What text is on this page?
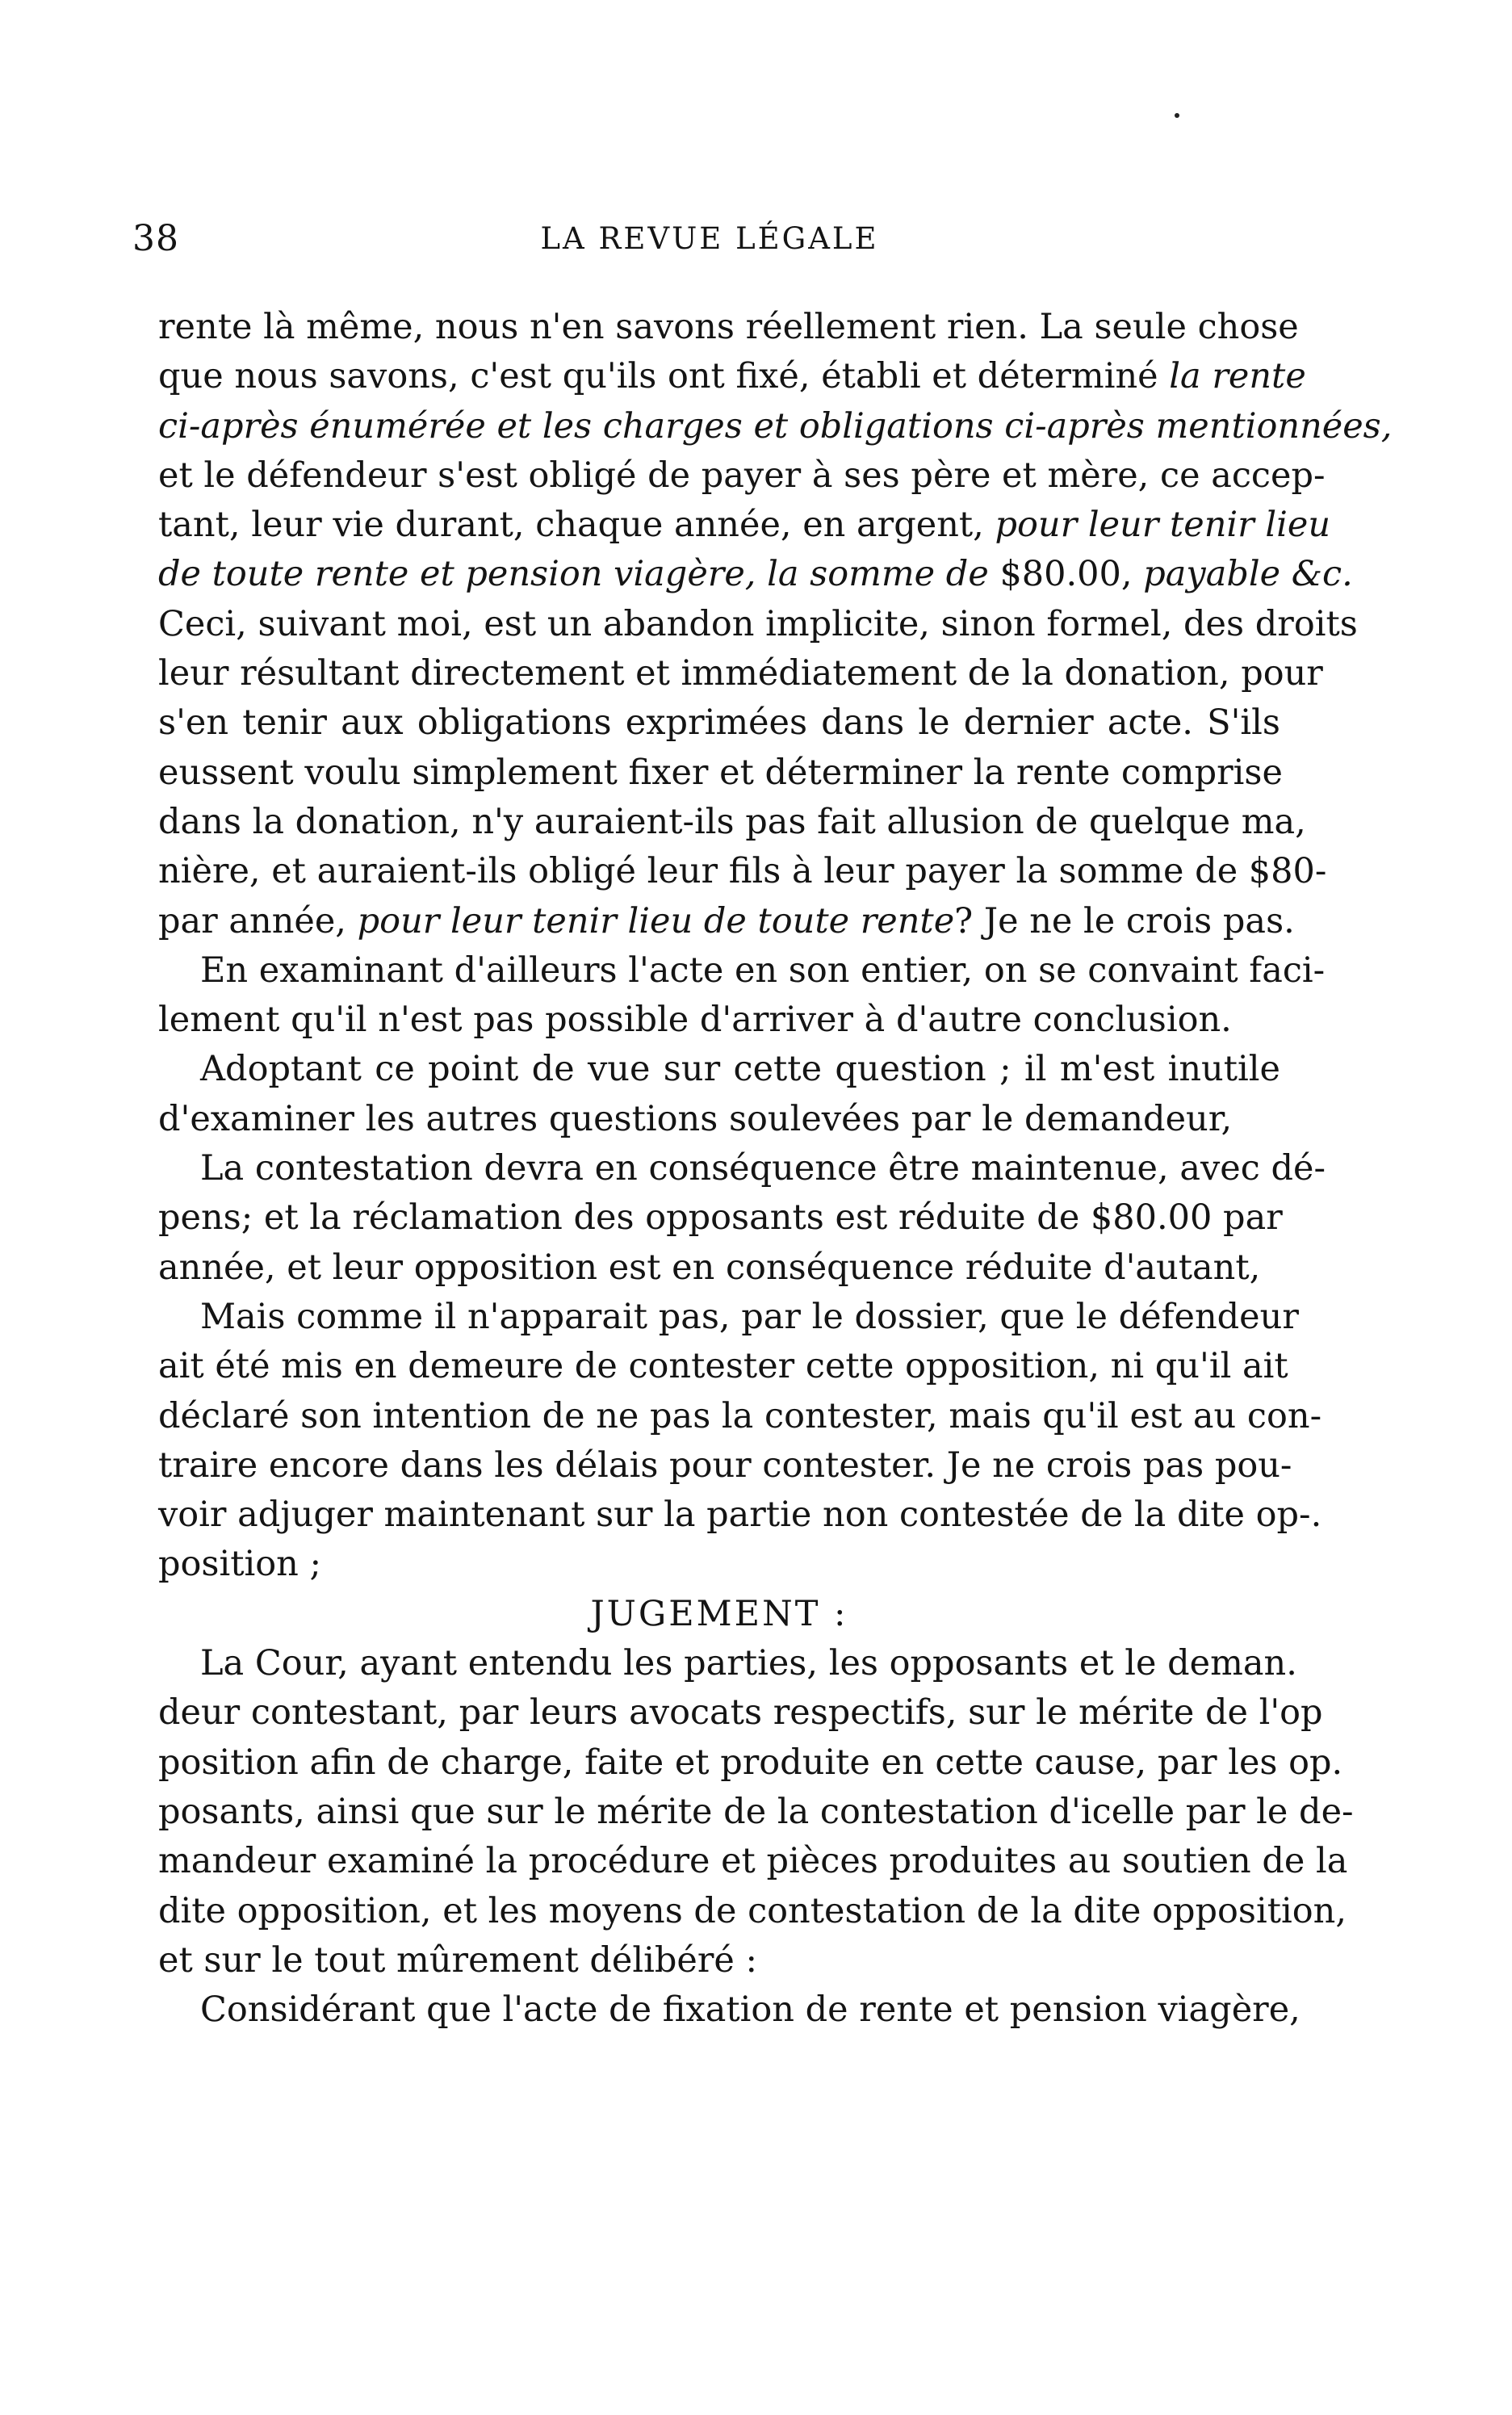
38	LA REVUE LÉGALE
rente là même, nous n'en savons réellement rien. La seule chose
que nous savons, c'est qu'ils ont fixé, établi et déterminé la rente
ci-après énumérée et les charges et obligations ci-après mentionnées,
et le défendeur s'est obligé de payer à ses père et mère, ce accep-
tant, leur vie durant, chaque année, en argent, pour leur tenir lieu
de toute rente et pension viagère, la somme de $80.00, payable &c.
Ceci, suivant moi, est un abandon implicite, sinon formel, des droits
leur résultant directement et immédiatement de la donation, pour
s'en tenir aux obligations exprimées dans le dernier acte. S'ils
eussent voulu simplement fixer et déterminer la rente comprise
dans la donation, n'y auraient-ils pas fait allusion de quelque ma,
nière, et auraient-ils obligé leur fils à leur payer la somme de $80-
par année, pour leur tenir lieu de toute rente? Je ne le crois pas.
En examinant d'ailleurs l'acte en son entier, on se convaint faci-
lement qu'il n'est pas possible d'arriver à d'autre conclusion.
Adoptant ce point de vue sur cette question ; il m'est inutile
d'examiner les autres questions soulevées par le demandeur,
La contestation devra en conséquence être maintenue, avec dé-
pens; et la réclamation des opposants est réduite de $80.00 par
année, et leur opposition est en conséquence réduite d'autant,
Mais comme il n'apparait pas, par le dossier, que le défendeur
ait été mis en demeure de contester cette opposition, ni qu'il ait
déclaré son intention de ne pas la contester, mais qu'il est au con-
traire encore dans les délais pour contester. Je ne crois pas pou-
voir adjuger maintenant sur la partie non contestée de la dite op-.
position ;
JUGEMENT :
La Cour, ayant entendu les parties, les opposants et le deman.
deur contestant, par leurs avocats respectifs, sur le mérite de l'op
position afin de charge, faite et produite en cette cause, par les op.
posants, ainsi que sur le mérite de la contestation d'icelle par le de-
mandeur examiné la procédure et pièces produites au soutien de la
dite opposition, et les moyens de contestation de la dite opposition,
et sur le tout mûrement délibéré :
Considérant que l'acte de fixation de rente et pension viagère,
